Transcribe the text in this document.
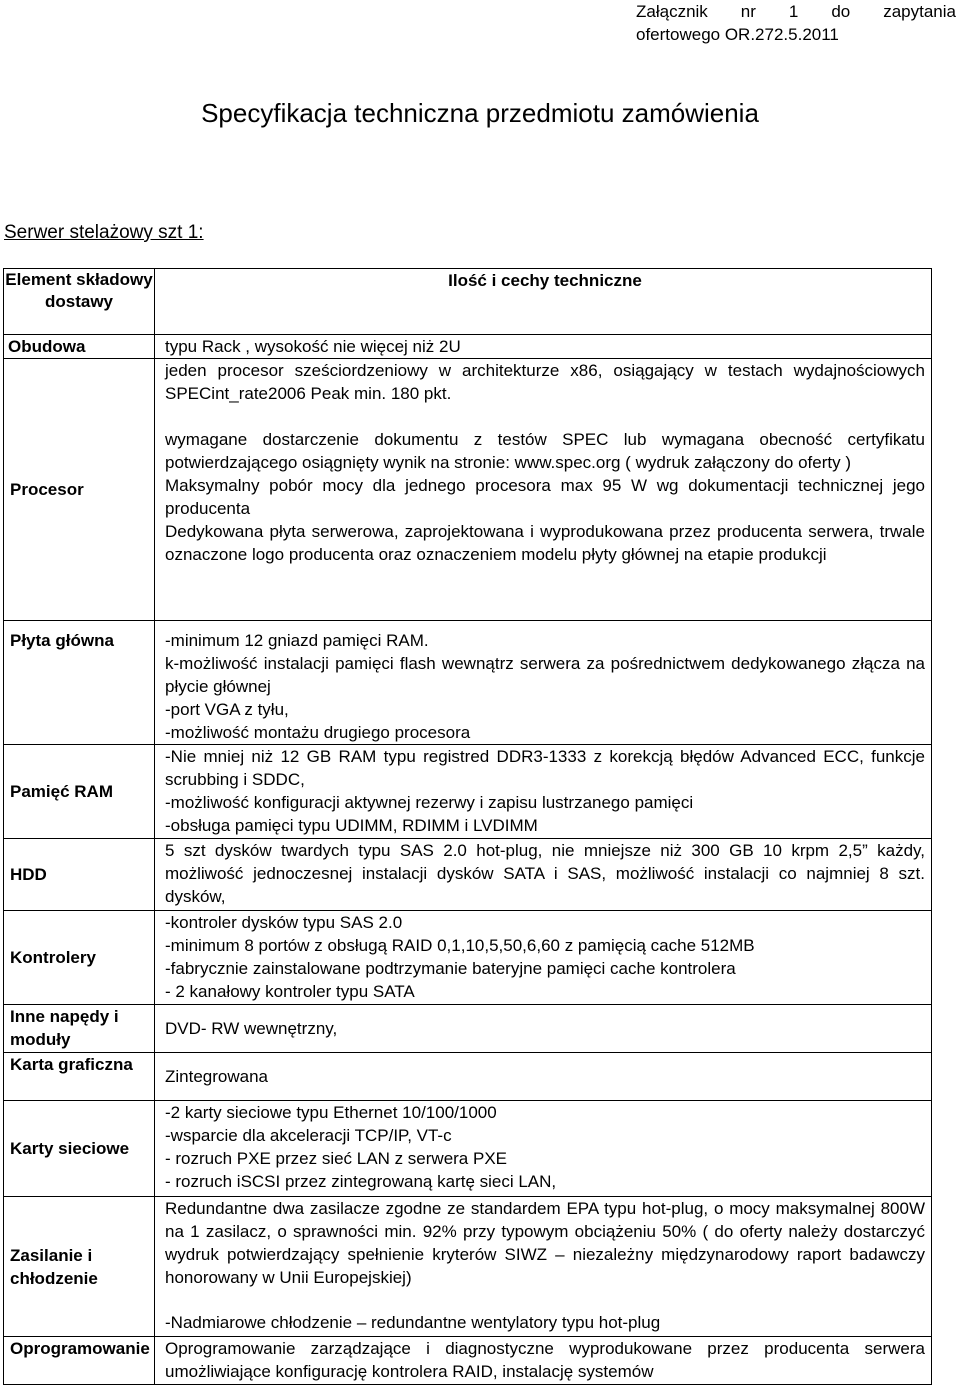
Załącznik nr 1 do zapytania
ofertowego OR.272.5.2011
Specyfikacja techniczna przedmiotu zamówienia
Serwer stelażowy szt 1:
Element składowy dostawy	Ilość i cechy techniczne
Obudowa	typu Rack , wysokość nie więcej niż 2U

Procesor	jeden procesor sześciordzeniowy w architekturze x86, osiągający w testach wydajnościowych SPECint_rate2006 Peak min. 180 pkt.
wymagane dostarczenie dokumentu z testów SPEC lub wymagana obecność certyfikatu potwierdzającego osiągnięty wynik na stronie: www.spec.org ( wydruk załączony do oferty )
Maksymalny pobór mocy dla jednego procesora max 95 W wg dokumentacji technicznej jego producenta
Dedykowana płyta serwerowa, zaprojektowana i wyprodukowana przez producenta serwera, trwale oznaczone logo producenta oraz oznaczeniem modelu płyty głównej na etapie produkcji

Płyta główna	-minimum 12 gniazd pamięci RAM.
k-możliwość instalacji pamięci flash wewnątrz serwera za pośrednictwem dedykowanego złącza na płycie głównej
-port VGA z tyłu,
-możliwość montażu drugiego procesora

Pamięć RAM	-Nie mniej niż 12 GB RAM typu registred DDR3-1333 z korekcją błędów Advanced ECC, funkcje scrubbing i SDDC,
-możliwość konfiguracji aktywnej rezerwy i zapisu lustrzanego pamięci
-obsługa pamięci typu UDIMM, RDIMM i LVDIMM

HDD	5 szt dysków twardych typu SAS 2.0 hot-plug, nie mniejsze niż 300 GB 10 krpm 2,5” każdy, możliwość jednoczesnej instalacji dysków SATA i SAS, możliwość instalacji co najmniej 8 szt. dysków,

Kontrolery	-kontroler dysków typu SAS 2.0
-minimum 8 portów z obsługą RAID 0,1,10,5,50,6,60 z pamięcią cache 512MB
-fabrycznie zainstalowane podtrzymanie bateryjne pamięci cache kontrolera
- 2 kanałowy kontroler typu SATA

Inne napędy i moduły	DVD- RW wewnętrzny,

Karta graficzna	Zintegrowana

Karty sieciowe	-2 karty sieciowe typu Ethernet 10/100/1000
-wsparcie dla akceleracji TCP/IP, VT-c
- rozruch PXE przez sieć LAN z serwera PXE
- rozruch iSCSI przez zintegrowaną kartę sieci LAN,

Zasilanie i chłodzenie	Redundantne dwa zasilacze zgodne ze standardem EPA typu hot-plug, o mocy maksymalnej 800W na 1 zasilacz, o sprawności min. 92% przy typowym obciążeniu 50% ( do oferty należy dostarczyć wydruk potwierdzający spełnienie kryterów SIWZ – niezależny międzynarodowy raport badawczy honorowany w Unii Europejskiej)
-Nadmiarowe chłodzenie – redundantne wentylatory typu hot-plug

Oprogramowanie	Oprogramowanie zarządzające i diagnostyczne wyprodukowane przez producenta serwera umożliwiające konfigurację kontrolera RAID, instalację systemów
